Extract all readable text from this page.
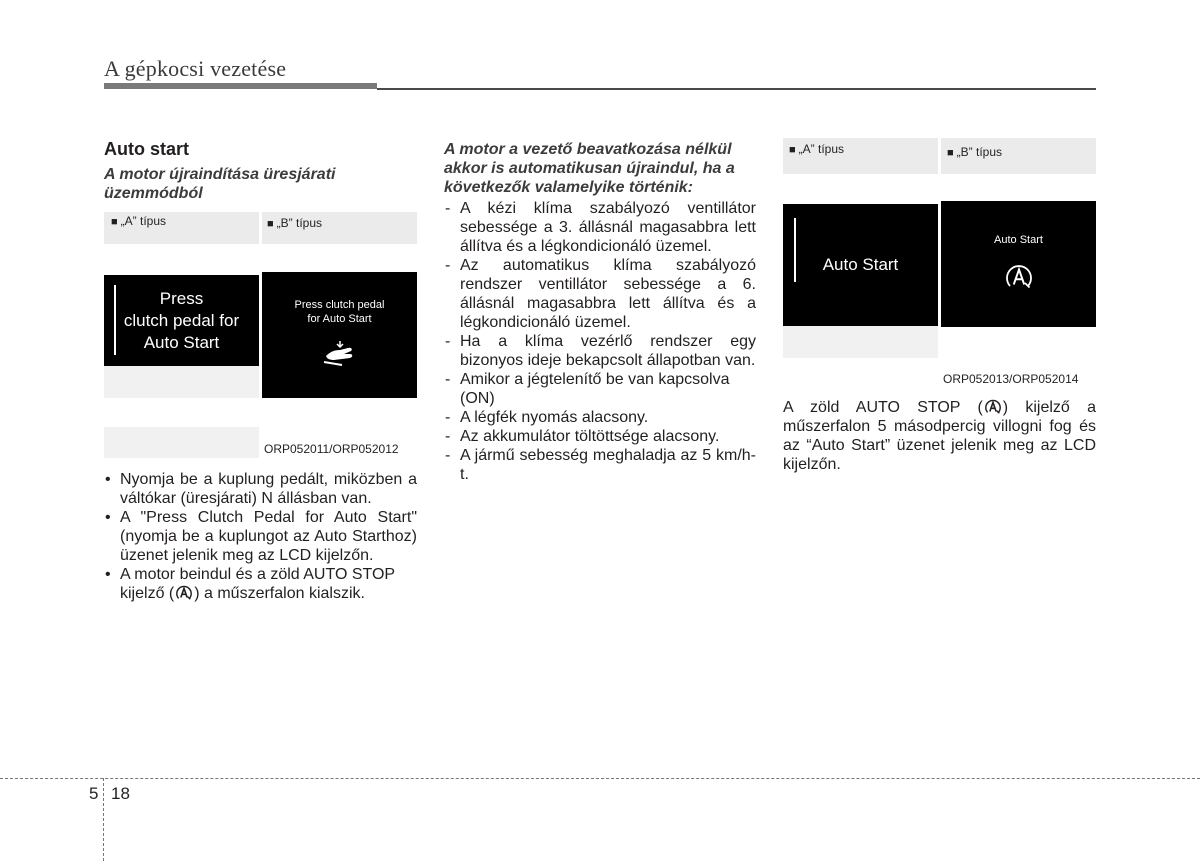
A gépkocsi vezetése
Auto start
A motor újraindítása üresjárati üzemmódból
■ „A” típus
Press
clutch pedal for
Auto Start
■ „B” típus
Press clutch pedal
for Auto Start
ORP052011/ORP052012
• Nyomja be a kuplung pedált, miközben a váltókar (üresjárati) N állásban van.
• A "Press Clutch Pedal for Auto Start" (nyomja be a kuplungot az Auto Starthoz) üzenet jelenik meg az LCD kijelzőn.
• A motor beindul és a zöld AUTO STOP kijelző ( ) a műszerfalon kialszik.
A motor a vezető beavatkozása nélkül akkor is automatikusan újraindul, ha a következők valamelyike történik:
- A kézi klíma szabályozó ventillátor sebessége a 3. állásnál magasabbra lett állítva és a légkondicionáló üzemel.
- Az automatikus klíma szabályozó rendszer ventillátor sebessége a 6. állásnál magasabbra lett állítva és a légkondicionáló üzemel.
- Ha a klíma vezérlő rendszer egy bizonyos ideje bekapcsolt állapotban van.
- Amikor a jégtelenítő be van kapcsolva (ON)
- A légfék nyomás alacsony.
- Az akkumulátor töltöttsége alacsony.
- A jármű sebesség meghaladja az 5 km/h-t.
■ „A” típus
Auto Start
■ „B” típus
Auto Start
ORP052013/ORP052014
A zöld AUTO STOP ( ) kijelző a műszerfalon 5 másodpercig villogni fog és az “Auto Start” üzenet jelenik meg az LCD kijelzőn.
5 18
